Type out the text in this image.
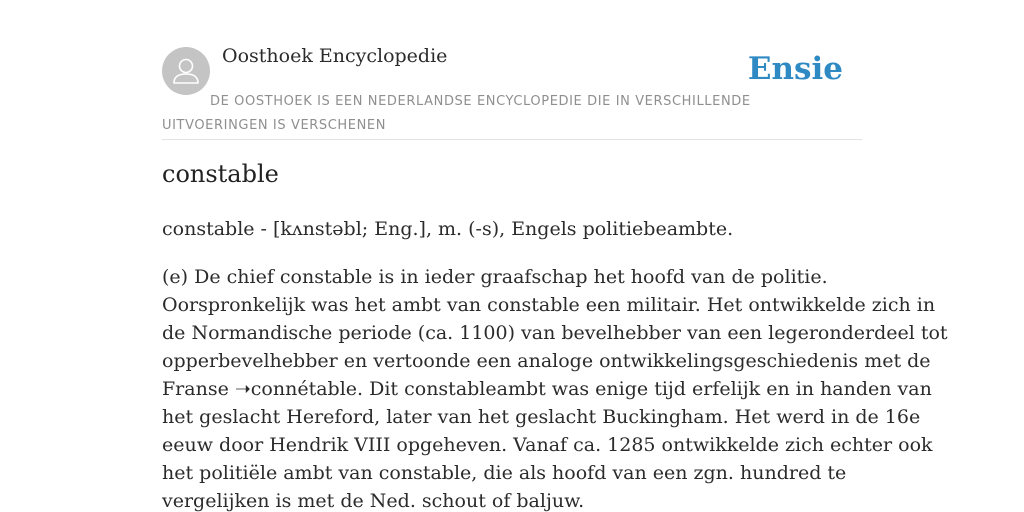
Oosthoek Encyclopedie	Ensie
DE OOSTHOEK IS EEN NEDERLANDSE ENCYCLOPEDIE DIE IN VERSCHILLENDE UITVOERINGEN IS VERSCHENEN
constable

constable - [kʌnstəbl; Eng.], m. (-s), Engels politiebeambte.

(e) De chief constable is in ieder graafschap het hoofd van de politie.
Oorspronkelijk was het ambt van constable een militair. Het ontwikkelde zich in
de Normandische periode (ca. 1100) van bevelhebber van een legeronderdeel tot
opperbevelhebber en vertoonde een analoge ontwikkelingsgeschiedenis met de
Franse ➝connétable. Dit constableambt was enige tijd erfelijk en in handen van
het geslacht Hereford, later van het geslacht Buckingham. Het werd in de 16e
eeuw door Hendrik VIII opgeheven. Vanaf ca. 1285 ontwikkelde zich echter ook
het politiële ambt van constable, die als hoofd van een zgn. hundred te
vergelijken is met de Ned. schout of baljuw.
